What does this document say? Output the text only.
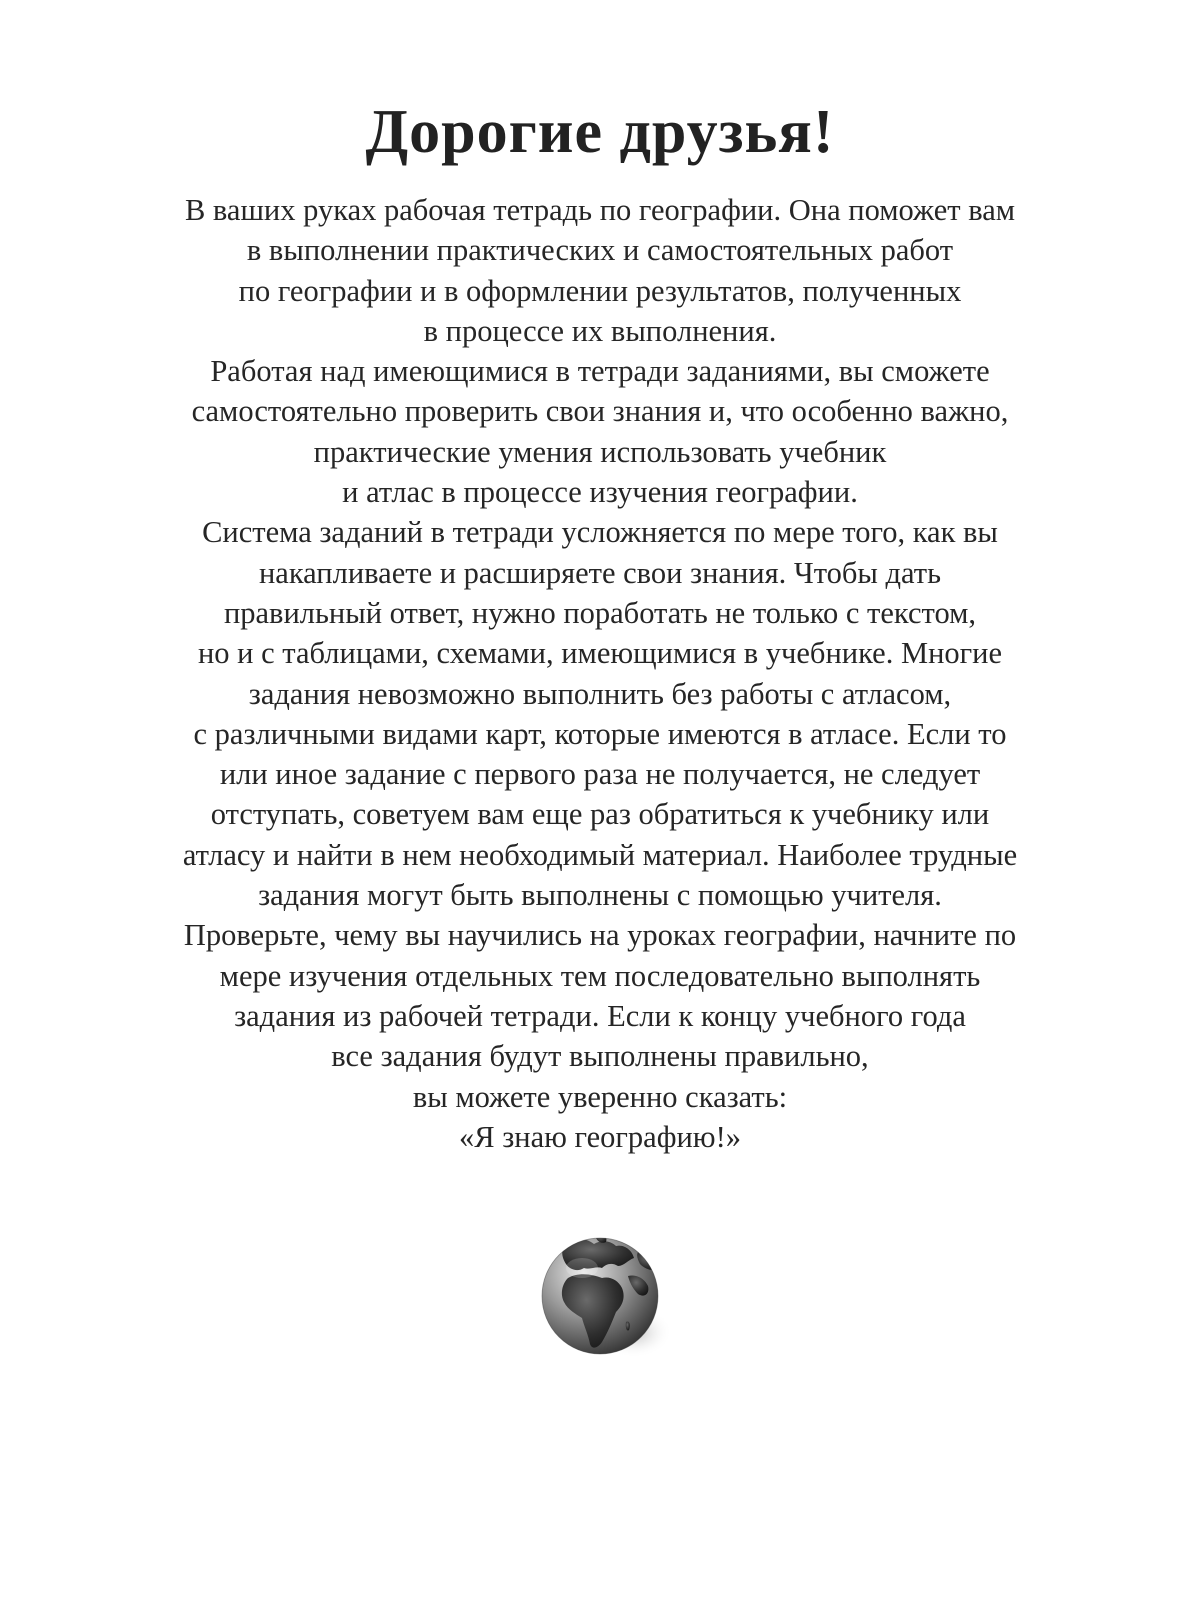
Дорогие друзья!
В ваших руках рабочая тетрадь по географии. Она поможет вам
в выполнении практических и самостоятельных работ
по географии и в оформлении результатов, полученных
в процессе их выполнения.
Работая над имеющимися в тетради заданиями, вы сможете
самостоятельно проверить свои знания и, что особенно важно,
практические умения использовать учебник
и атлас в процессе изучения географии.
Система заданий в тетради усложняется по мере того, как вы
накапливаете и расширяете свои знания. Чтобы дать
правильный ответ, нужно поработать не только с текстом,
но и с таблицами, схемами, имеющимися в учебнике. Многие
задания невозможно выполнить без работы с атласом,
с различными видами карт, которые имеются в атласе. Если то
или иное задание с первого раза не получается, не следует
отступать, советуем вам еще раз обратиться к учебнику или
атласу и найти в нем необходимый материал. Наиболее трудные
задания могут быть выполнены с помощью учителя.
Проверьте, чему вы научились на уроках географии, начните по
мере изучения отдельных тем последовательно выполнять
задания из рабочей тетради. Если к концу учебного года
все задания будут выполнены правильно,
вы можете уверенно сказать:
«Я знаю географию!»
